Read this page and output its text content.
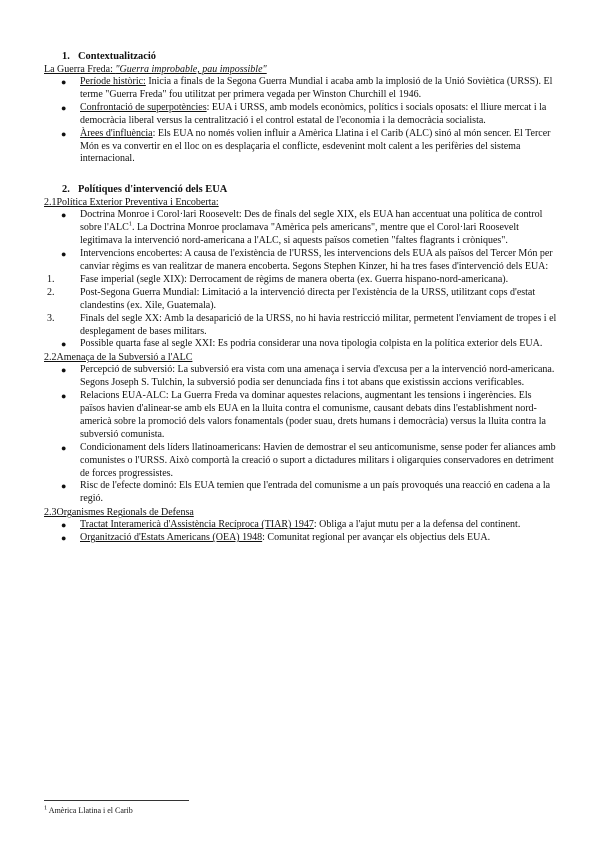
1. Contextualització

La Guerra Freda: "Guerra improbable, pau impossible"

● Període històric: Inicia a finals de la Segona Guerra Mundial i acaba amb la implosió de la Unió Soviètica (URSS). El terme "Guerra Freda" fou utilitzat per primera vegada per Winston Churchill el 1946.
● Confrontació de superpotències: EUA i URSS, amb models econòmics, polítics i socials oposats: el lliure mercat i la democràcia liberal versus la centralització i el control estatal de l'economia i la democràcia socialista.
● Àrees d'influència: Els EUA no només volien influir a Amèrica Llatina i el Carib (ALC) sinó al món sencer. El Tercer Món es va convertir en el lloc on es desplaçaria el conflicte, esdevenint molt calent a les perifèries del sistema internacional.
2. Polítiques d'intervenció dels EUA

2.1Política Exterior Preventiva i Encoberta:

● Doctrina Monroe i Corol·lari Roosevelt: Des de finals del segle XIX, els EUA han accentuat una política de control sobre l'ALC$^1$. La Doctrina Monroe proclamava "Amèrica pels americans", mentre que el Corol·lari Roosevelt legitimava la intervenció nord-americana a l'ALC, si aquests països cometien "faltes flagrants i cròniques".
● Intervencions encobertes: A causa de l'existència de l'URSS, les intervencions dels EUA als països del Tercer Món per canviar règims es van realitzar de manera encoberta. Segons Stephen Kinzer, hi ha tres fases d'intervenció dels EUA:
1.	Fase imperial (segle XIX): Derrocament de règims de manera oberta (ex. Guerra hispano-nord-americana).
2.	Post-Segona Guerra Mundial: Limitació a la intervenció directa per l'existència de la URSS, utilitzant cops d'estat clandestins (ex. Xile, Guatemala).
3.	Finals del segle XX: Amb la desaparició de la URSS, no hi havia restricció militar, permetent l'enviament de tropes i el desplegament de bases militars.
● Possible quarta fase al segle XXI: Es podria considerar una nova tipologia colpista en la política exterior dels EUA.

2.2Amenaça de la Subversió a l'ALC

● Percepció de subversió: La subversió era vista com una amenaça i servia d'excusa per a la intervenció nord-americana. Segons Joseph S. Tulchin, la subversió podia ser denunciada fins i tot abans que existissin accions verificables.
● Relacions EUA-ALC: La Guerra Freda va dominar aquestes relacions, augmentant les tensions i ingerències. Els països havien d'alinear-se amb els EUA en la lluita contra el comunisme, causant debats dins l'establishment nord-americà sobre la promoció dels valors fonamentals (poder suau, drets humans i democràcia) versus la lluita contra la subversió comunista.
● Condicionament dels líders llatinoamericans: Havien de demostrar el seu anticomunisme, sense poder fer aliances amb comunistes o l'URSS. Això comportà la creació o suport a dictadures militars i oligarquies conservadores en detriment de forces progressistes.
● Risc de l'efecte dominó: Els EUA temien que l'entrada del comunisme a un país provoqués una reacció en cadena a la regió.

2.3Organismes Regionals de Defensa

● Tractat Interamericà d'Assistència Recíproca (TIAR) 1947: Obliga a l'ajut mutu per a la defensa del continent.
● Organització d'Estats Americans (OEA) 1948: Comunitat regional per avançar els objectius dels EUA.
$^1$ Amèrica Llatina i el Carib
